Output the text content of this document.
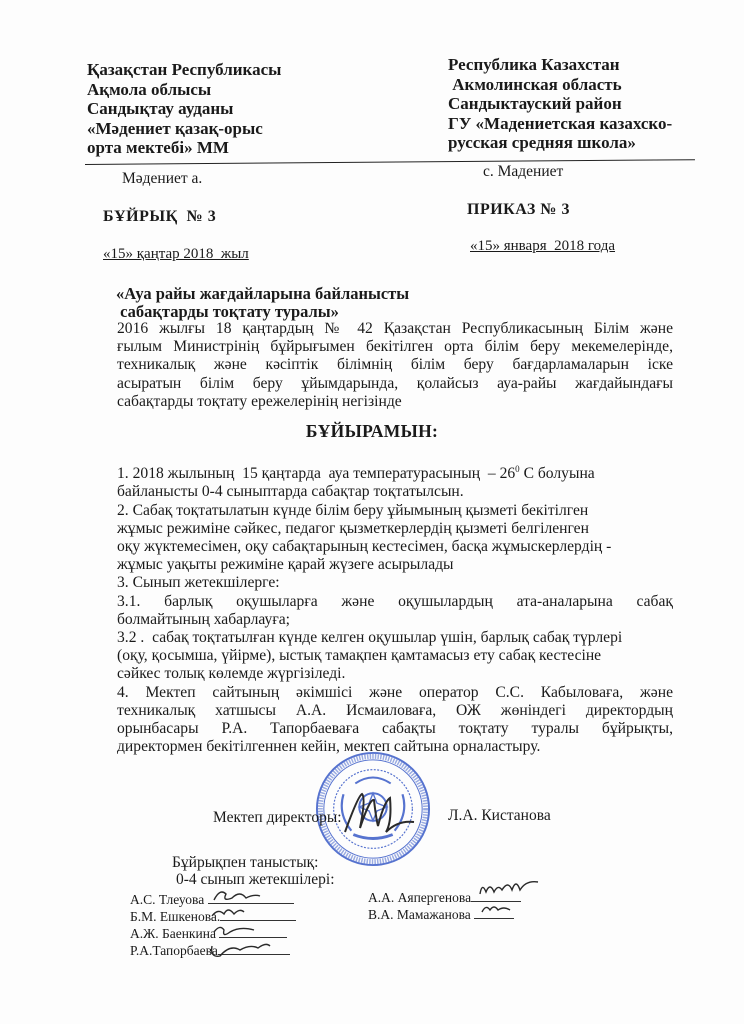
Қазақстан Республикасы
Ақмола облысы
Сандықтау ауданы
«Мәдениет қазақ-орыс
орта мектебі» ММ
Республика Казахстан
Акмолинская область
Сандыктауский район
ГУ «Мадениетская казахско-
русская средняя школа»
Мәдениет а.	с. Мадениет
БҰЙРЫҚ  № 3	ПРИКАЗ № 3
«15» қаңтар 2018  жыл	«15» января  2018 года
«Ауа райы жағдайларына байланысты
сабақтарды тоқтату туралы»
2016 жылғы 18 қаңтардың № 42 Қазақстан Республикасының Білім және
ғылым Министрінің бұйрығымен бекітілген орта білім беру мекемелерінде,
техникалық және кәсіптік білімнің білім беру бағдарламаларын іске
асыратын білім беру ұйымдарында, қолайсыз ауа-райы жағдайындағы
сабақтарды тоқтату ережелерінің негізінде
БҰЙЫРАМЫН:
1. 2018 жылының  15 қаңтарда  ауа температурасының  – $26^0$ С болуына
байланысты 0-4 сыныптарда сабақтар тоқтатылсын.
2. Сабақ тоқтатылатын күнде білім беру ұйымының қызметі бекітілген
жұмыс режиміне сәйкес, педагог қызметкерлердің қызметі белгіленген
оқу жүктемесімен, оқу сабақтарының кестесімен, басқа жұмыскерлердің -
жұмыс уақыты режиміне қарай жүзеге асырылады
3. Сынып жетекшілерге:
3.1. барлық оқушыларға және оқушылардың ата-аналарына сабақ
болмайтының хабарлауға;
3.2 .  сабақ тоқтатылған күнде келген оқушылар үшін, барлық сабақ түрлері
(оқу, қосымша, үйірме), ыстық тамақпен қамтамасыз ету сабақ кестесіне
сәйкес толық көлемде жүргізіледі.
4. Мектеп сайтының әкімшісі және оператор С.С. Кабыловаға, және
техникалық хатшысы А.А. Исмаиловаға, ОЖ жөніндегі директордың
орынбасары Р.А. Тапорбаеваға сабақты тоқтату туралы бұйрықты,
директормен бекітілгеннен кейін, мектеп сайтына орналастыру.
Мектеп директоры:	Л.А. Кистанова
Бұйрықпен таныстық:
0-4 сынып жетекшілері:
А.С. Тлеуова
Б.М. Ешкенова.
А.Ж. Баенкина
Р.А.Тапорбаева
А.А. Аяпергенова
В.А. Мамажанова
